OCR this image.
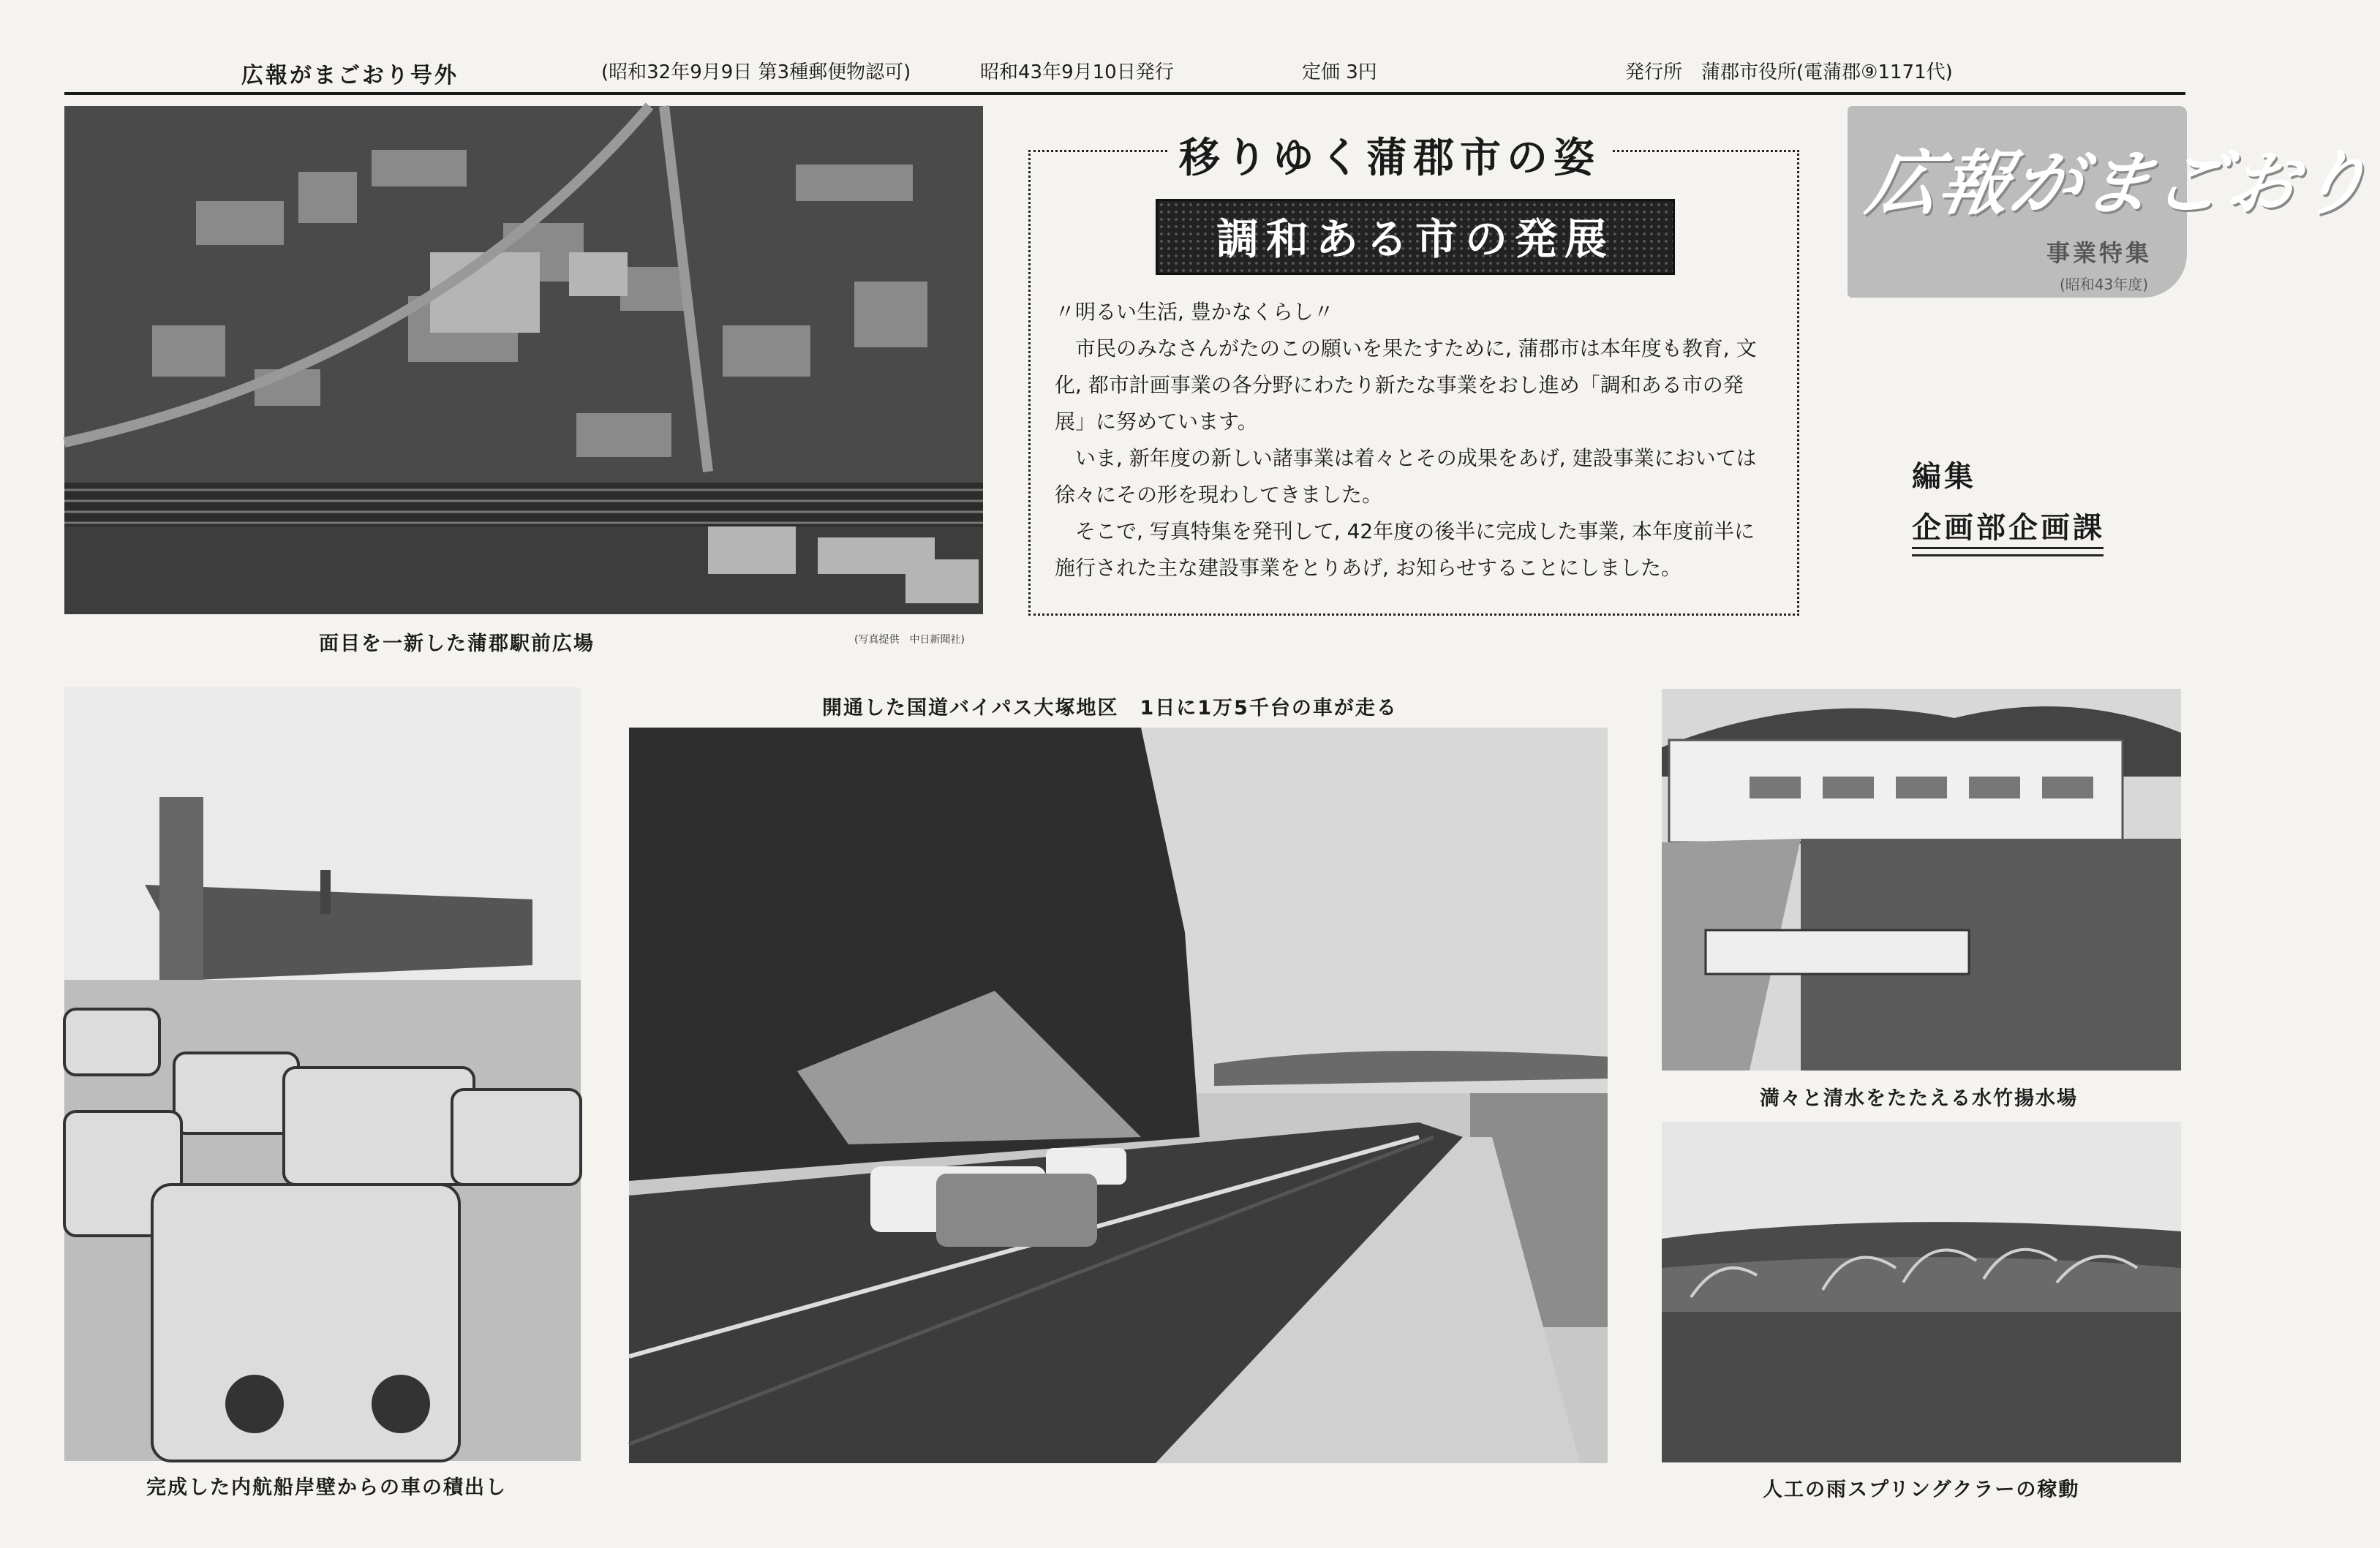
広報がまごおり号外	(昭和32年9月9日 第3種郵便物認可)	昭和43年9月10日発行	定価 3円	発行所　蒲郡市役所(電蒲郡⑨1171代)
面目を一新した蒲郡駅前広場	(写真提供　中日新聞社)
移りゆく蒲郡市の姿
調和ある市の発展

〃明るい生活, 豊かなくらし〃

市民のみなさんがたのこの願いを果たすために, 蒲郡市は本年度も教育, 文化, 都市計画事業の各分野にわたり新たな事業をおし進め「調和ある市の発展」に努めています。

いま, 新年度の新しい諸事業は着々とその成果をあげ, 建設事業においては徐々にその形を現わしてきました。

そこで, 写真特集を発刊して, 42年度の後半に完成した事業, 本年度前半に施行された主な建設事業をとりあげ, お知らせすることにしました。

広報がまごおり
事業特集
(昭和43年度)
編集
企画部企画課
開通した国道バイパス大塚地区　1日に1万5千台の車が走る
完成した内航船岸壁からの車の積出し
満々と清水をたたえる水竹揚水場
人工の雨スプリングクラーの稼動
